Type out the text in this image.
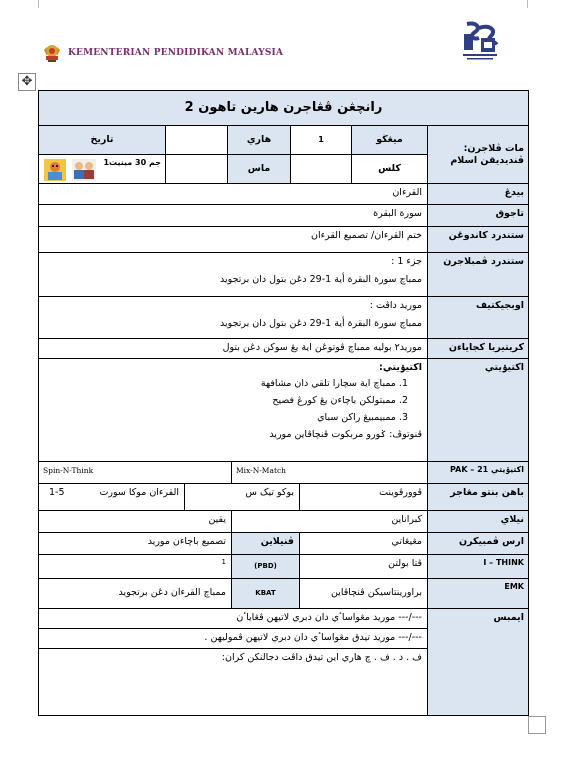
KEMENTERIAN PENDIDIKAN MALAYSIA
✥
رانچڠن ڤڠاجرن هارين تاهون 2
مات ڤلاجرن: ڤنديديقن اسلام
ميڠڬو
1
هاري
تاريخ
کلس
ماس
1جم 30 مينيت
بيدڠ
القرءان
تاجوق
سورة البقرة
ستندرد کاندوڠن
ختم القرءان/ تصميع القرءان
ستندرد ڤمبلاجرن
جزء 1 :
ممباچ سورة البقرة أية 1-29 دڠن بتول دان برتجويد
اوبجيکتيف
موريد داڤت :
ممباچ سورة البقرة أية 1-29 دڠن بتول دان برتجويد
کريتيريا کجاياءن
موريد٢ بوليه ممباچ ڤوتوڠن اية يڠ سوکن دڠن بتول
اکتيۏيتي
اکتيۏيتي:
1. ممباچ اية سچارا تلقي دان مشافهة
2. ممبتولکن باچاءن يڠ کورڠ فصيح
3. ممبيمبيڠ راکن سباي
ڤنوتوڤ: ݢورو مربکوت ڤنچاڤاين موريد
اکتيۏيتي PAK – 21
Mix-N-Match
Spin-N-Think
باهن بنتو مڠاجر
ڤوورڤوينت
بوکو تيک س
القرءان موکا سورت
1-5
نيلاي
کبراناين
يقين
ارس ڤمبيکرن
مڠيڠاتي
ڤنيلاين
تصميع باچاءن موريد
I – THINK
ڤتا بولتن
(PBD)
1
EMK
براورينتاسيکن ڤنچاڤاين
KBAT
ممباچ القرءان دڠن برتجويد
ايمبس
---/--- موريد مڠواساٴي دان دبري لاتيهن ڤڠاياٴن
---/--- موريد تيدق مڠواساٴي دان دبري لاتيهن ڤموليهن .
ف . د . ف . چ هاري اين تيدق داڤت دجالنکن کران:
